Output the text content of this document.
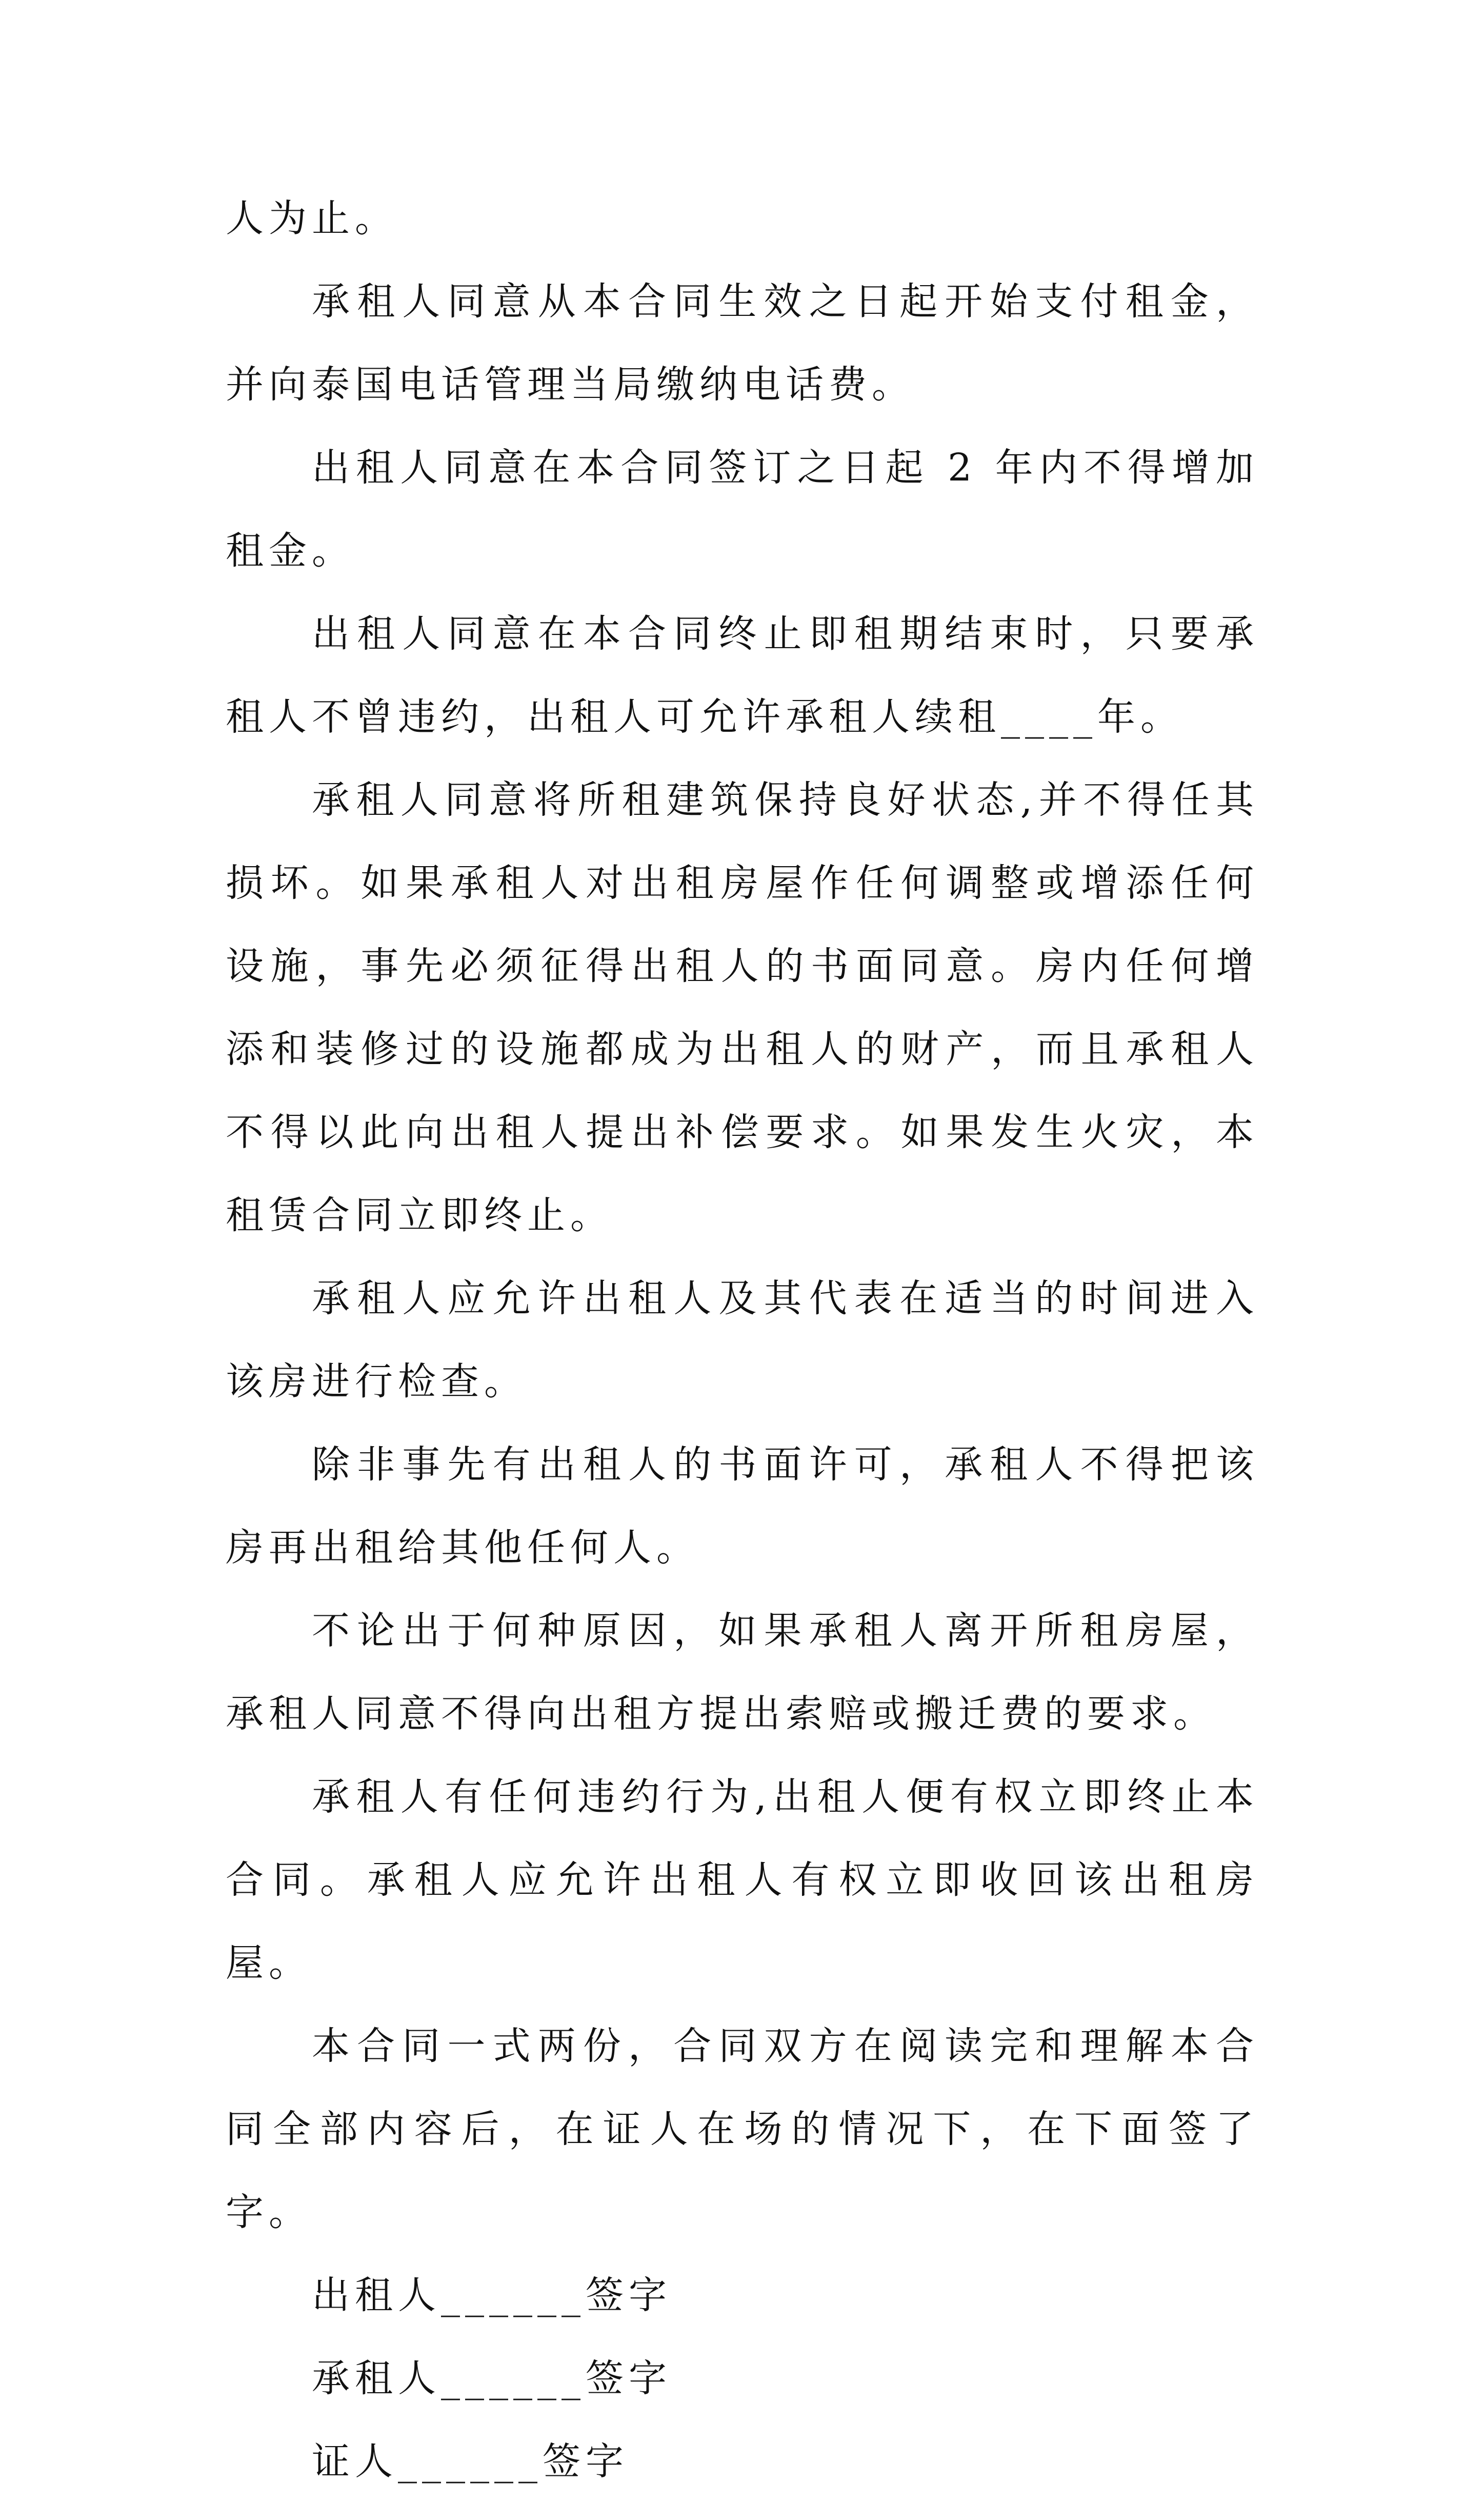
人为止。

承租人同意从本合同生效之日起开始支付租金，并向泰国电话管理当局缴纳电话费。

出租人同意在本合同签订之日起 2 年内不得增加租金。

出租人同意在本合同终止即租期结束时，只要承租人不曾违约，出租人可允许承租人续租____年。

承租人同意将所租建筑保持良好状态,并不得任其损坏。如果承租人对出租房屋作任何调整或增添任何设施，事先必须征得出租人的书面同意。房内任何增添和装修过的设施都成为出租人的财产，而且承租人不得以此向出租人提出补偿要求。如果发生火灾，本租赁合同立即终止。

承租人应允许出租人及其代表在适当的时间进入该房进行检查。

除非事先有出租人的书面许可，承租人不得把该房再出租给其他任何人。

不论出于何种原因，如果承租人离开所租房屋，承租人同意不得向出租方提出索赔或搬迁费的要求。

承租人有任何违约行为,出租人便有权立即终止本合同。承租人应允许出租人有权立即收回该出租房屋。

本合同一式两份，合同双方在阅读完和理解本合同全部内容后，在证人在场的情况下，在下面签了字。

出租人______签字

承租人______签字

证人______签字
